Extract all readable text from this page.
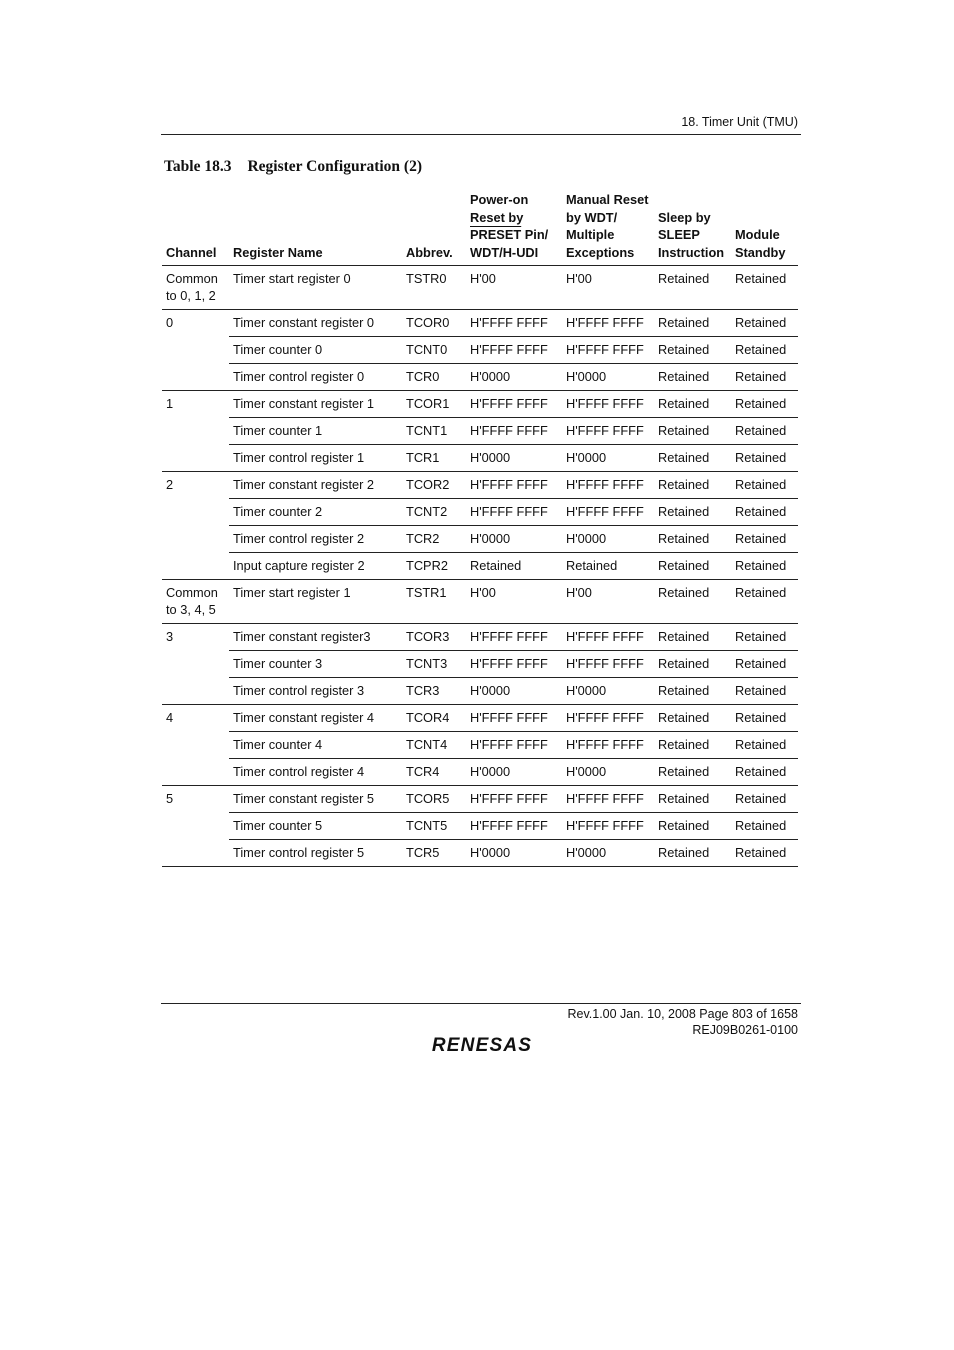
18. Timer Unit (TMU)
Table 18.3 Register Configuration (2)
Channel	Register Name	Abbrev.	Power-on
Reset by
PRESET Pin/
WDT/H-UDI	Manual Reset
by WDT/
Multiple
Exceptions	Sleep by
SLEEP
Instruction	Module
Standby
Common to 0, 1, 2	Timer start register 0	TSTR0	H'00	H'00	Retained	Retained
0	Timer constant register 0	TCOR0	H'FFFF FFFF	H'FFFF FFFF	Retained	Retained
	Timer counter 0	TCNT0	H'FFFF FFFF	H'FFFF FFFF	Retained	Retained
	Timer control register 0	TCR0	H'0000	H'0000	Retained	Retained
1	Timer constant register 1	TCOR1	H'FFFF FFFF	H'FFFF FFFF	Retained	Retained
	Timer counter 1	TCNT1	H'FFFF FFFF	H'FFFF FFFF	Retained	Retained
	Timer control register 1	TCR1	H'0000	H'0000	Retained	Retained
2	Timer constant register 2	TCOR2	H'FFFF FFFF	H'FFFF FFFF	Retained	Retained
	Timer counter 2	TCNT2	H'FFFF FFFF	H'FFFF FFFF	Retained	Retained
	Timer control register 2	TCR2	H'0000	H'0000	Retained	Retained
	Input capture register 2	TCPR2	Retained	Retained	Retained	Retained
Common to 3, 4, 5	Timer start register 1	TSTR1	H'00	H'00	Retained	Retained
3	Timer constant register3	TCOR3	H'FFFF FFFF	H'FFFF FFFF	Retained	Retained
	Timer counter 3	TCNT3	H'FFFF FFFF	H'FFFF FFFF	Retained	Retained
	Timer control register 3	TCR3	H'0000	H'0000	Retained	Retained
4	Timer constant register 4	TCOR4	H'FFFF FFFF	H'FFFF FFFF	Retained	Retained
	Timer counter 4	TCNT4	H'FFFF FFFF	H'FFFF FFFF	Retained	Retained
	Timer control register 4	TCR4	H'0000	H'0000	Retained	Retained
5	Timer constant register 5	TCOR5	H'FFFF FFFF	H'FFFF FFFF	Retained	Retained
	Timer counter 5	TCNT5	H'FFFF FFFF	H'FFFF FFFF	Retained	Retained
	Timer control register 5	TCR5	H'0000	H'0000	Retained	Retained
Rev.1.00 Jan. 10, 2008 Page 803 of 1658
REJ09B0261-0100
RENESAS
